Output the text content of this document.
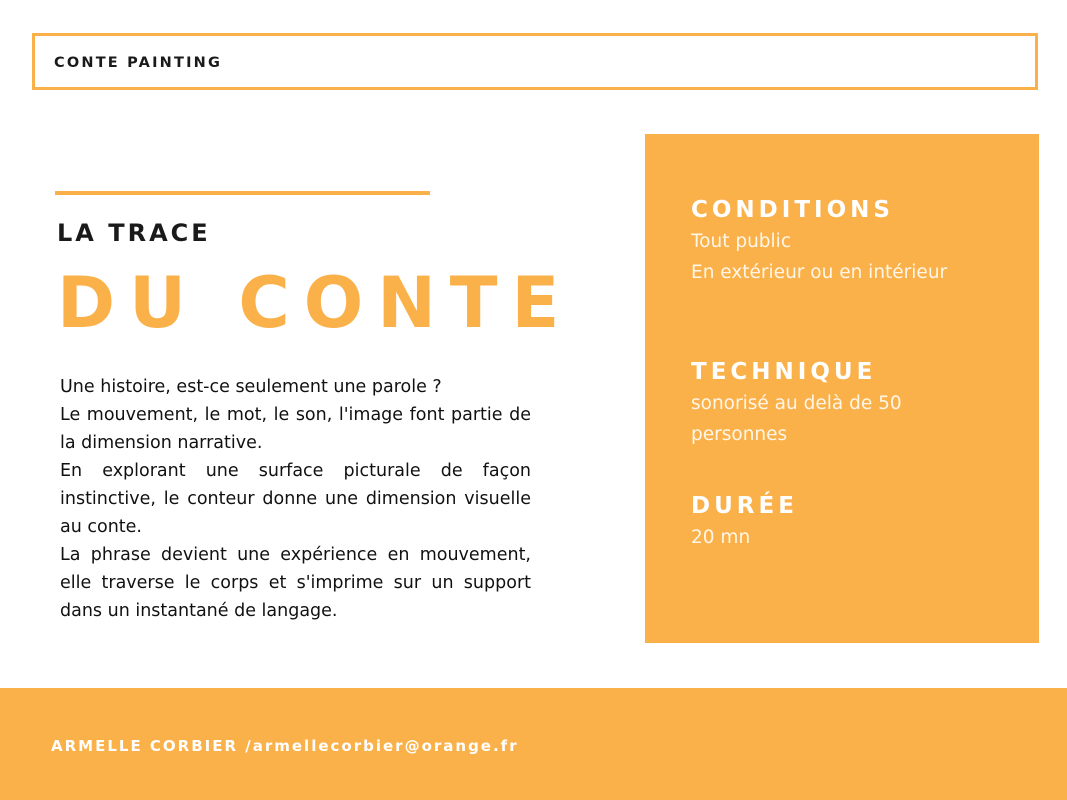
CONTE PAINTING
LA TRACE
DU CONTE

Une histoire, est-ce seulement une parole ?

Le mouvement, le mot, le son, l'image font partie de la dimension narrative.

En explorant une surface picturale de façon instinctive, le conteur donne une dimension visuelle au conte.

La phrase devient une expérience en mouvement, elle traverse le corps et s'imprime sur un support dans un instantané de langage.

CONDITIONS
Tout public
En extérieur ou en intérieur
TECHNIQUE
sonorisé au delà de 50
personnes
DURÉE
20 mn
ARMELLE CORBIER /armellecorbier@orange.fr
